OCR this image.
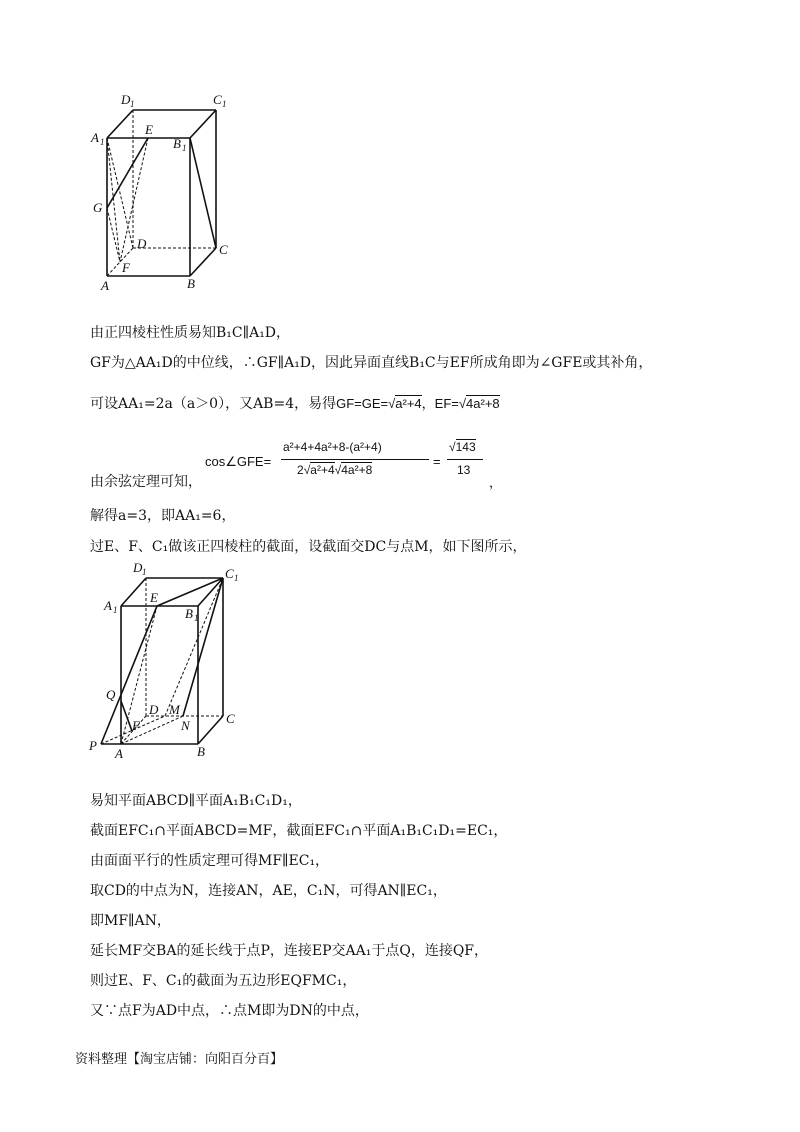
D 1	C 1
A 1
E
B 1
G
D	C
F
A	B
由正四棱柱性质易知B₁C∥A₁D，
GF为△AA₁D的中位线，∴GF∥A₁D，因此异面直线B₁C与EF所成角即为∠GFE或其补角，
可设AA₁=2a（a＞0），又AB=4，易得GF=GE=√a²+4，EF=√4a²+8
cos∠GFE=
a²+4+4a²+8-(a²+4)
2√a²+4√4a²+8
=
√143
13
，
由余弦定理可知，
解得a=3，即AA₁=6，
过E、F、C₁做该正四棱柱的截面，设截面交DC与点M，如下图所示，
D 1	C 1
A 1
E
B 1
Q
D M
C
F	N
P
A	B
易知平面ABCD∥平面A₁B₁C₁D₁，
截面EFC₁∩平面ABCD=MF，截面EFC₁∩平面A₁B₁C₁D₁=EC₁，
由面面平行的性质定理可得MF∥EC₁，
取CD的中点为N，连接AN，AE，C₁N，可得AN∥EC₁，
即MF∥AN，
延长MF交BA的延长线于点P，连接EP交AA₁于点Q，连接QF，
则过E、F、C₁的截面为五边形EQFMC₁，
又∵点F为AD中点，∴点M即为DN的中点，
资料整理【淘宝店铺：向阳百分百】
